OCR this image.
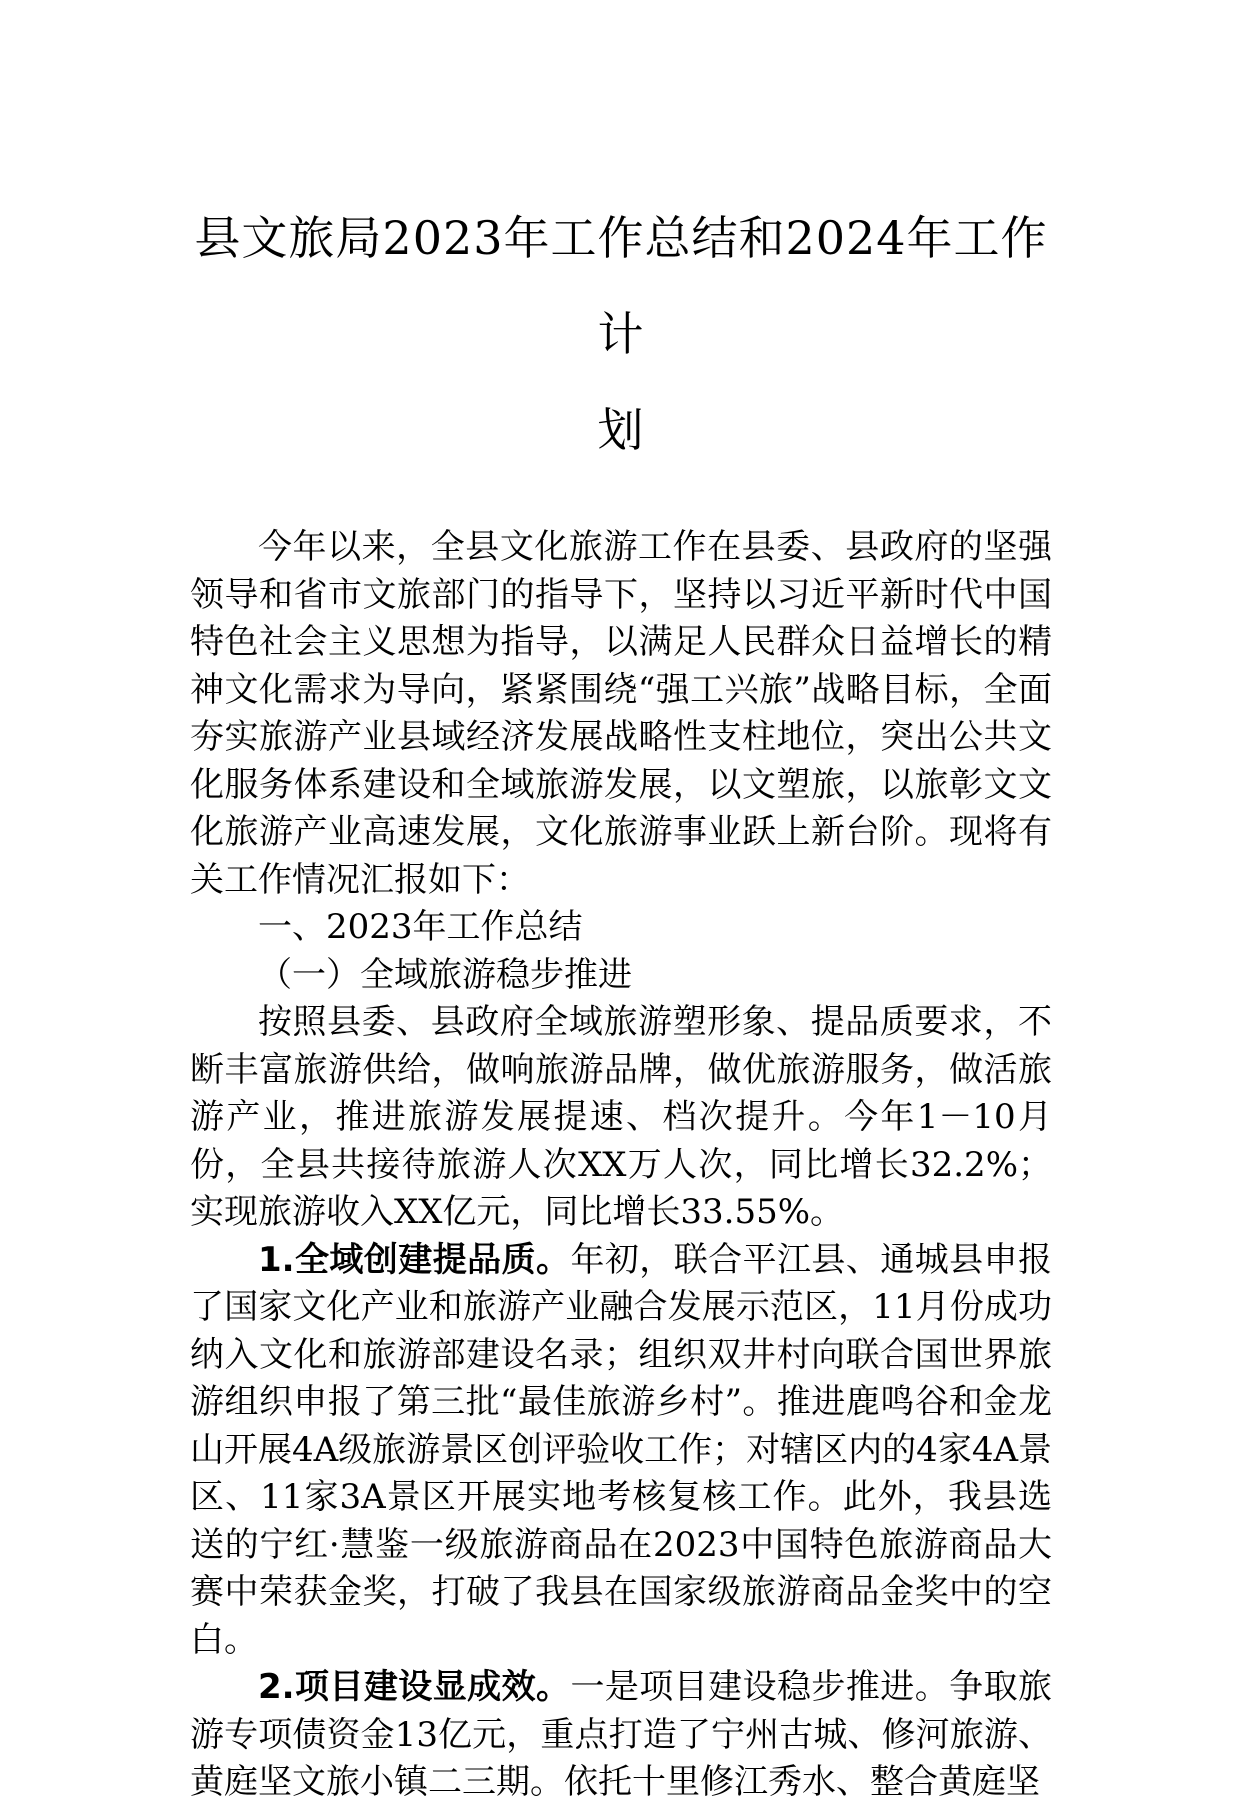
县文旅局2023年工作总结和2024年工作计
划

今年以来，全县文化旅游工作在县委、县政府的坚强领导和省市文旅部门的指导下，坚持以习近平新时代中国特色社会主义思想为指导，以满足人民群众日益增长的精神文化需求为导向，紧紧围绕“强工兴旅”战略目标，全面夯实旅游产业县域经济发展战略性支柱地位，突出公共文化服务体系建设和全域旅游发展，以文塑旅，以旅彰文文化旅游产业高速发展，文化旅游事业跃上新台阶。现将有关工作情况汇报如下：

一、2023年工作总结

（一）全域旅游稳步推进

按照县委、县政府全域旅游塑形象、提品质要求，不断丰富旅游供给，做响旅游品牌，做优旅游服务，做活旅游产业，推进旅游发展提速、档次提升。今年1－10月份，全县共接待旅游人次XX万人次，同比增长32.2%；实现旅游收入XX亿元，同比增长33.55%。

1.全域创建提品质。年初，联合平江县、通城县申报了国家文化产业和旅游产业融合发展示范区，11月份成功纳入文化和旅游部建设名录；组织双井村向联合国世界旅游组织申报了第三批“最佳旅游乡村”。推进鹿鸣谷和金龙山开展4A级旅游景区创评验收工作；对辖区内的4家4A景区、11家3A景区开展实地考核复核工作。此外，我县选送的宁红·慧鉴一级旅游商品在2023中国特色旅游商品大赛中荣获金奖，打破了我县在国家级旅游商品金奖中的空白。

2.项目建设显成效。一是项目建设稳步推进。争取旅游专项债资金13亿元，重点打造了宁州古城、修河旅游、黄庭坚文旅小镇二三期。依托十里修江秀水、整合黄庭坚
